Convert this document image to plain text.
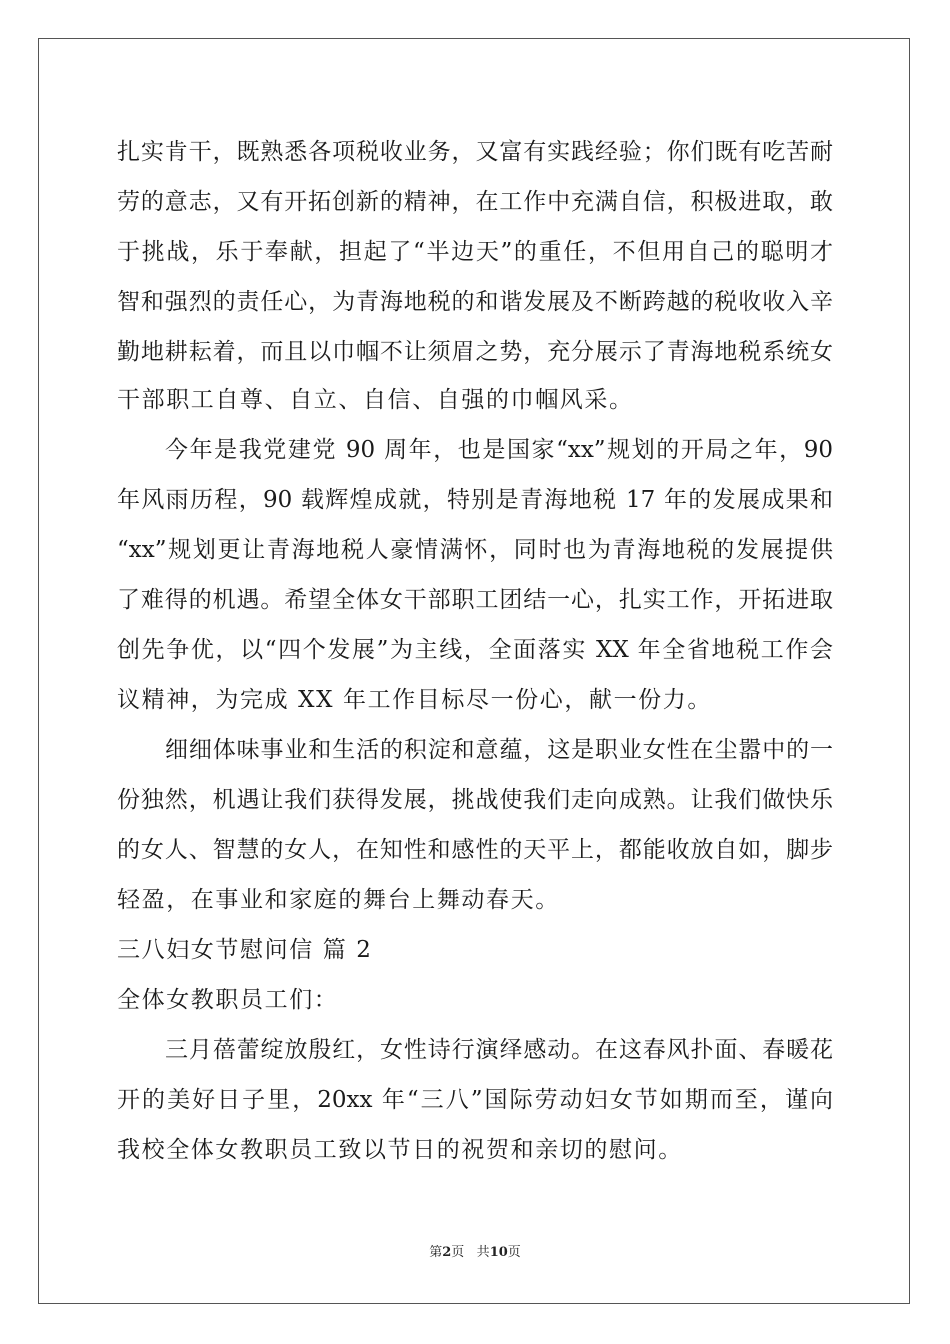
扎实肯干，既熟悉各项税收业务，又富有实践经验；你们既有吃苦耐
劳的意志，又有开拓创新的精神，在工作中充满自信，积极进取，敢
于挑战，乐于奉献，担起了“半边天”的重任，不但用自己的聪明才
智和强烈的责任心，为青海地税的和谐发展及不断跨越的税收收入辛
勤地耕耘着，而且以巾帼不让须眉之势，充分展示了青海地税系统女
干部职工自尊、自立、自信、自强的巾帼风采。
今年是我党建党 90 周年，也是国家“xx”规划的开局之年，90
年风雨历程，90 载辉煌成就，特别是青海地税 17 年的发展成果和
“xx”规划更让青海地税人豪情满怀，同时也为青海地税的发展提供
了难得的机遇。希望全体女干部职工团结一心，扎实工作，开拓进取
创先争优，以“四个发展”为主线，全面落实 XX 年全省地税工作会
议精神，为完成 XX 年工作目标尽一份心，献一份力。
细细体味事业和生活的积淀和意蕴，这是职业女性在尘嚣中的一
份独然，机遇让我们获得发展，挑战使我们走向成熟。让我们做快乐
的女人、智慧的女人，在知性和感性的天平上，都能收放自如，脚步
轻盈，在事业和家庭的舞台上舞动春天。
三八妇女节慰问信 篇 2
全体女教职员工们：
三月蓓蕾绽放殷红，女性诗行演绎感动。在这春风扑面、春暖花
开的美好日子里，20xx 年“三八”国际劳动妇女节如期而至，谨向
我校全体女教职员工致以节日的祝贺和亲切的慰问。
第2页 共10页
